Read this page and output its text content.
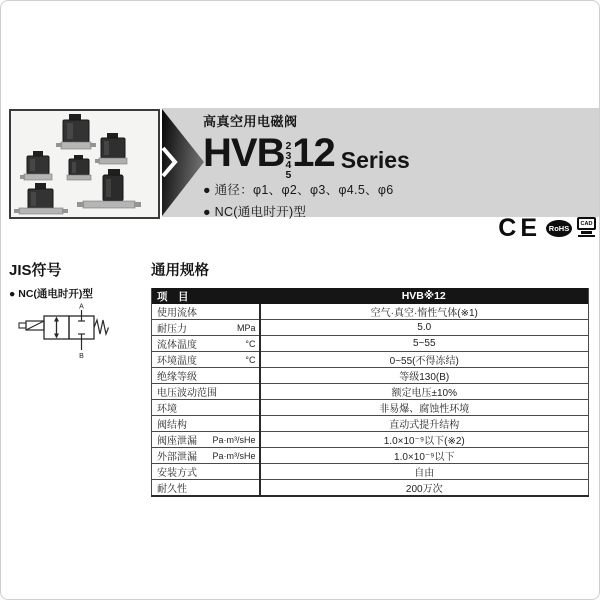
高真空用电磁阀
HVB 2
3
4
5 12 Series
● 通径：φ1、φ2、φ3、φ4.5、φ6
● NC(通电时开)型
CE RoHS CAD
JIS符号
● NC(通电时开)型
A
B
通用规格
项　目	HVB※12

使用流体	空气·真空·惰性气体(※1)

耐压力 MPa	5.0

流体温度 °C	5~55

环境温度 °C	0~55(不得冻结)

绝缘等级	等级130(B)

电压波动范围	额定电压±10%

环境	非易爆、腐蚀性环境

阀结构	直动式提升结构

阀座泄漏 Pa·m³/sHe	1.0×10⁻⁹以下(※2)

外部泄漏 Pa·m³/sHe	1.0×10⁻⁹以下

安装方式	自由

耐久性	200万次
